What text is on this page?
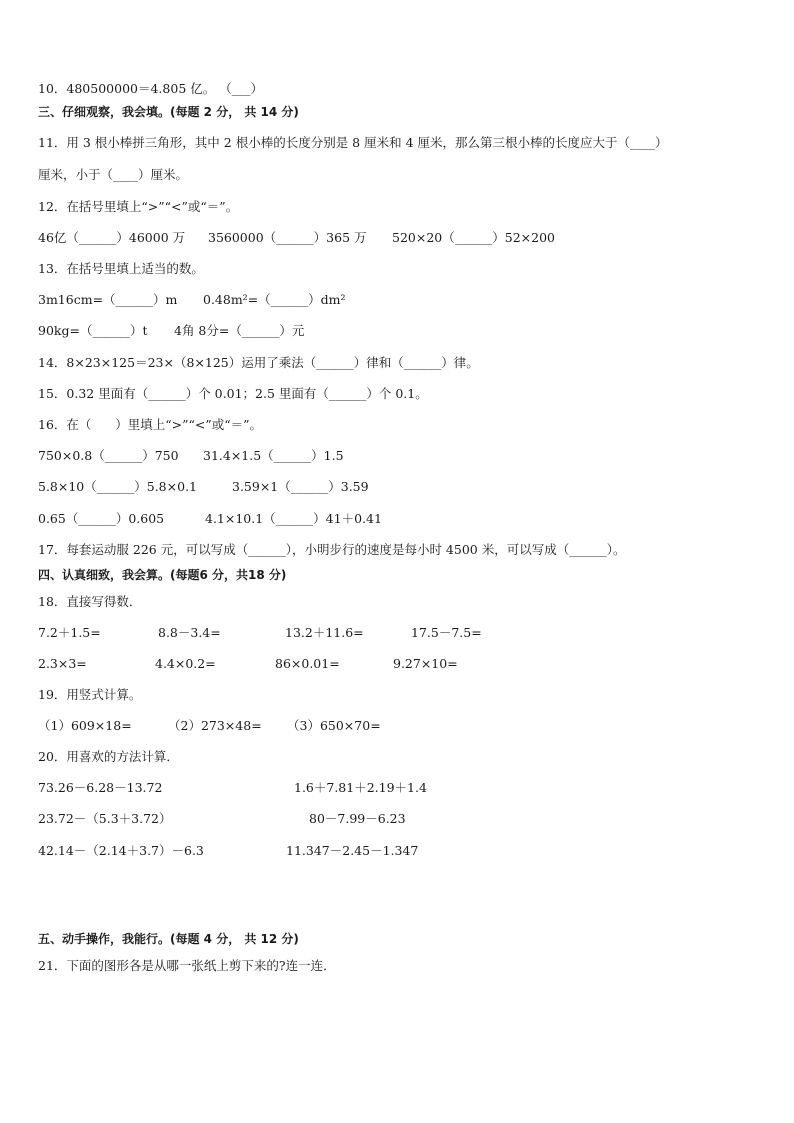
10．480500000＝4.805 亿。 （___）
三、仔细观察，我会填。(每题 2 分， 共 14 分)
11．用 3 根小棒拼三角形，其中 2 根小棒的长度分别是 8 厘米和 4 厘米，那么第三根小棒的长度应大于（____）
厘米，小于（____）厘米。
12．在括号里填上“>”“<”或“＝”。
46亿（______）46000 万 3560000（______）365 万 520×20（______）52×200
13．在括号里填上适当的数。
3m16cm=（______）m 0.48m²=（______）dm²
90kg=（______）t 4角 8分=（______）元
14．8×23×125＝23×（8×125）运用了乘法（______）律和（______）律。
15．0.32 里面有（______）个 0.01；2.5 里面有（______）个 0.1。
16．在（      ）里填上“>”“<”或“＝”。
750×0.8（______）750 31.4×1.5（______）1.5
5.8×10（______）5.8×0.1	3.59×1（______）3.59
0.65（______）0.605	4.1×10.1（______）41＋0.41
17．每套运动服 226 元，可以写成（______），小明步行的速度是每小时 4500 米，可以写成（______）。
四、认真细致，我会算。(每题6 分，共18 分)
18．直接写得数．
7.2＋1.5=	8.8－3.4=	13.2＋11.6=	17.5－7.5=
2.3×3=	4.4×0.2=	86×0.01=	9.27×10=
19．用竖式计算。
（1）609×18=	（2）273×48= （3）650×70=
20．用喜欢的方法计算．
73.26－6.28－13.72	1.6＋7.81＋2.19＋1.4
23.72－（5.3＋3.72）	80－7.99－6.23
42.14－（2.14＋3.7）－6.3	11.347－2.45－1.347
五、动手操作，我能行。(每题 4 分， 共 12 分)
21．下面的图形各是从哪一张纸上剪下来的?连一连．
